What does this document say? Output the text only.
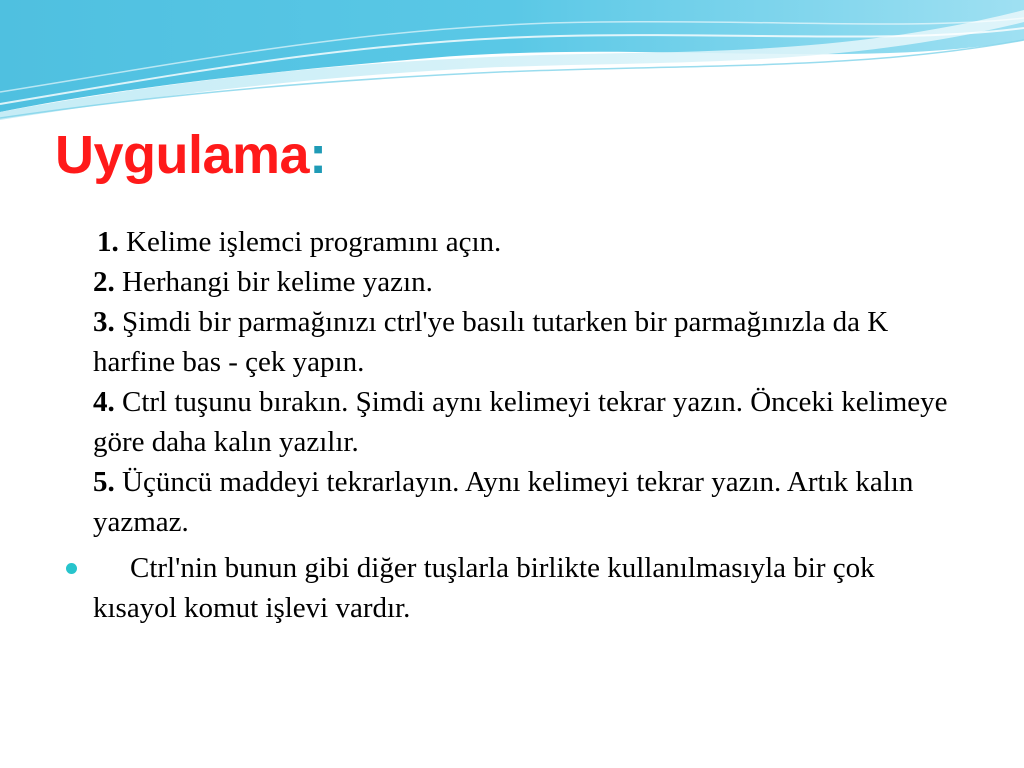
Uygulama:

1. Kelime işlemci programını açın.

2. Herhangi bir kelime yazın.

3. Şimdi bir parmağınızı ctrl'ye basılı tutarken bir parmağınızla da K harfine bas - çek yapın.

4. Ctrl tuşunu bırakın. Şimdi aynı kelimeyi tekrar yazın. Önceki kelimeye göre daha kalın yazılır.

5. Üçüncü maddeyi tekrarlayın. Aynı kelimeyi tekrar yazın. Artık kalın yazmaz.

Ctrl'nin bunun gibi diğer tuşlarla birlikte kullanılmasıyla bir çok kısayol komut işlevi vardır.
